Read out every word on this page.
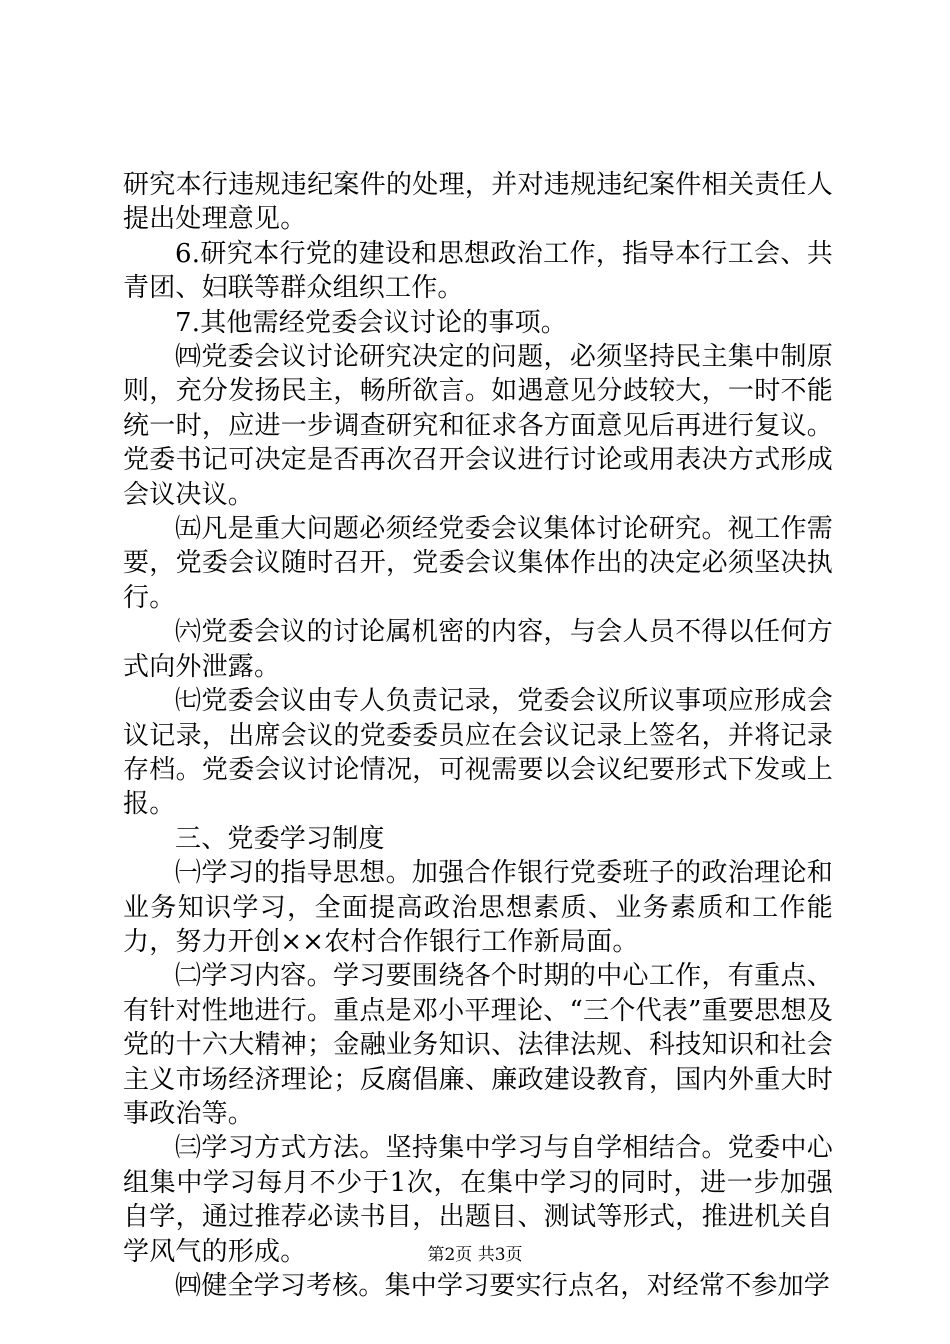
研究本行违规违纪案件的处理，并对违规违纪案件相关责任人提出处理意见。

6.研究本行党的建设和思想政治工作，指导本行工会、共青团、妇联等群众组织工作。

7.其他需经党委会议讨论的事项。

㈣党委会议讨论研究决定的问题，必须坚持民主集中制原则，充分发扬民主，畅所欲言。如遇意见分歧较大，一时不能统一时，应进一步调查研究和征求各方面意见后再进行复议。党委书记可决定是否再次召开会议进行讨论或用表决方式形成会议决议。

㈤凡是重大问题必须经党委会议集体讨论研究。视工作需要，党委会议随时召开，党委会议集体作出的决定必须坚决执行。

㈥党委会议的讨论属机密的内容，与会人员不得以任何方式向外泄露。

㈦党委会议由专人负责记录，党委会议所议事项应形成会议记录，出席会议的党委委员应在会议记录上签名，并将记录存档。党委会议讨论情况，可视需要以会议纪要形式下发或上报。

三、党委学习制度

㈠学习的指导思想。加强合作银行党委班子的政治理论和业务知识学习，全面提高政治思想素质、业务素质和工作能力，努力开创××农村合作银行工作新局面。

㈡学习内容。学习要围绕各个时期的中心工作，有重点、有针对性地进行。重点是邓小平理论、“三个代表”重要思想及党的十六大精神；金融业务知识、法律法规、科技知识和社会主义市场经济理论；反腐倡廉、廉政建设教育，国内外重大时事政治等。

㈢学习方式方法。坚持集中学习与自学相结合。党委中心组集中学习每月不少于1次，在集中学习的同时，进一步加强自学，通过推荐必读书目，出题目、测试等形式，推进机关自学风气的形成。

㈣健全学习考核。集中学习要实行点名，对经常不参加学

第2页 共3页
